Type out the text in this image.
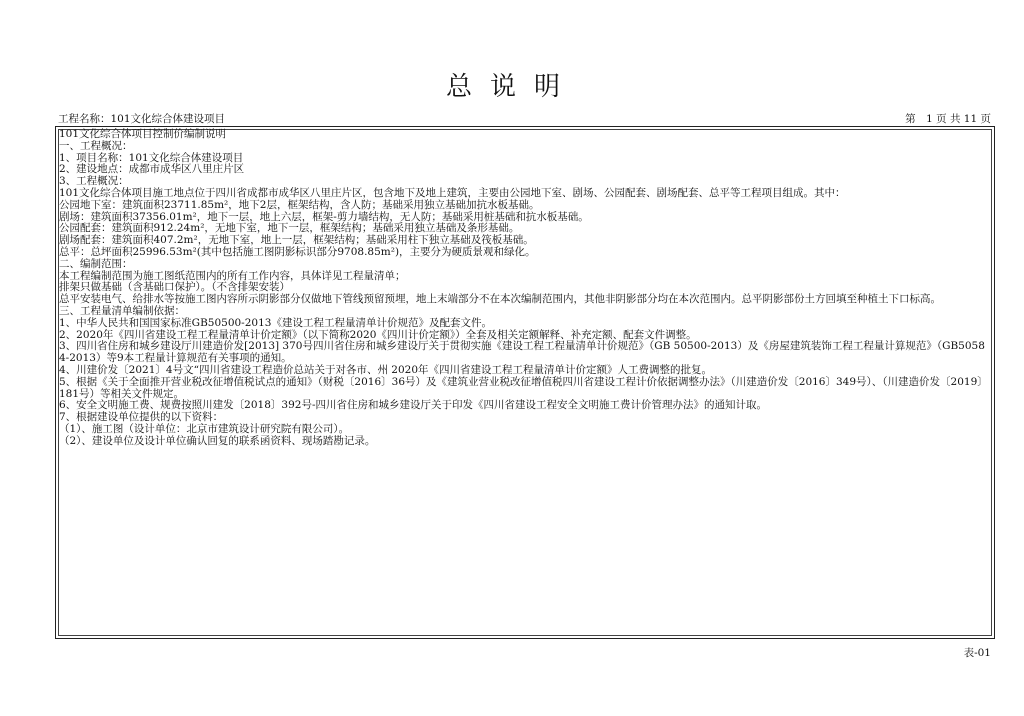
总说明
工程名称：101文化综合体建设项目	第　1 页 共 11 页
101文化综合体项目控制价编制说明
一、工程概况：
1、项目名称：101文化综合体建设项目
2、建设地点：成都市成华区八里庄片区
3、工程概况：
101文化综合体项目施工地点位于四川省成都市成华区八里庄片区，包含地下及地上建筑，主要由公园地下室、剧场、公园配套、剧场配套、总平等工程项目组成。其中：
公园地下室：建筑面积23711.85m²，地下2层，框架结构，含人防；基础采用独立基础加抗水板基础。
剧场：建筑面积37356.01m²，地下一层，地上六层，框架-剪力墙结构，无人防；基础采用桩基础和抗水板基础。
公园配套：建筑面积912.24m²，无地下室，地下一层，框架结构；基础采用独立基础及条形基础。
剧场配套：建筑面积407.2m²，无地下室，地上一层，框架结构；基础采用柱下独立基础及筏板基础。
总平：总坪面积25996.53m²(其中包括施工图阴影标识部分9708.85m²)，主要分为硬质景观和绿化。
二、编制范围：
本工程编制范围为施工图纸范围内的所有工作内容，具体详见工程量清单；
排架只做基础（含基础口保护）。（不含排架安装）
总平安装电气、给排水等按施工图内容所示阴影部分仅做地下管线预留预埋，地上末端部分不在本次编制范围内，其他非阴影部分均在本次范围内。总平阴影部份土方回填至种植土下口标高。
三、工程量清单编制依据：
1、中华人民共和国国家标准GB50500-2013《建设工程工程量清单计价规范》及配套文件。
2、2020年《四川省建设工程工程量清单计价定额》（以下简称2020《四川计价定额》）全套及相关定额解释、补充定额、配套文件调整。
3、四川省住房和城乡建设厅川建造价发[2013] 370号四川省住房和城乡建设厅关于贯彻实施《建设工程工程量清单计价规范》（GB 50500-2013）及《房屋建筑装饰工程工程量计算规范》（GB50584-2013）等9本工程量计算规范有关事项的通知。
4、川建价发〔2021〕4号文“四川省建设工程造价总站关于对各市、州 2020年《四川省建设工程工程量清单计价定额》人工费调整的批复。
5、根据《关于全面推开营业税改征增值税试点的通知》（财税〔2016〕36号）及《建筑业营业税改征增值税四川省建设工程计价依据调整办法》（川建造价发〔2016〕349号）、（川建造价发〔2019〕181号）等相关文件规定。
6、安全文明施工费、规费按照川建发〔2018〕392号-四川省住房和城乡建设厅关于印发《四川省建设工程安全文明施工费计价管理办法》的通知计取。
7、根据建设单位提供的以下资料：
（1）、施工图（设计单位：北京市建筑设计研究院有限公司）。
（2）、建设单位及设计单位确认回复的联系函资料、现场踏勘记录。
表-01
